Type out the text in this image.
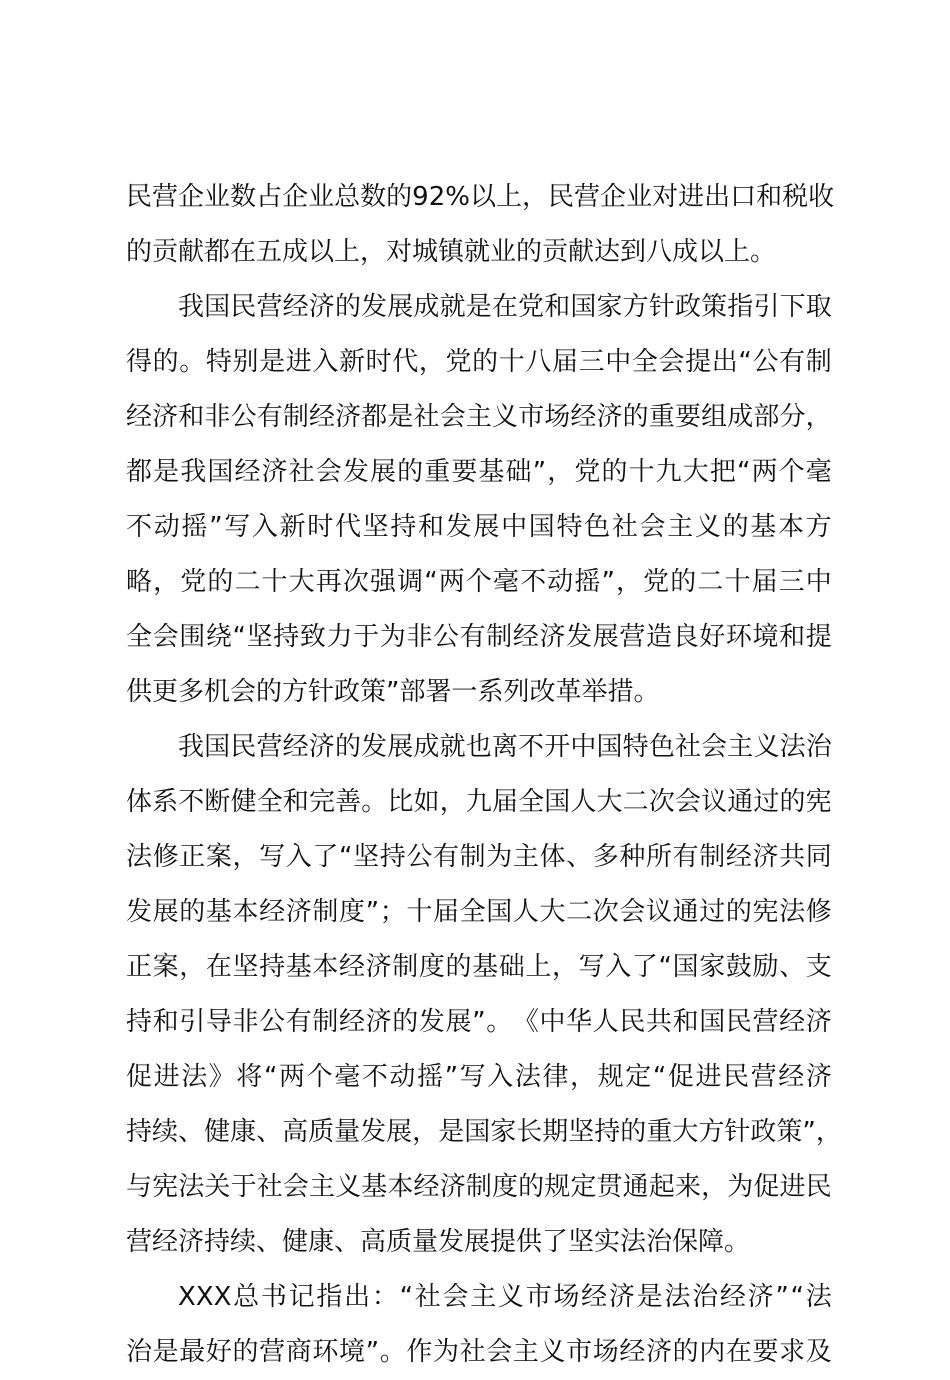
民 营 企 业 数 占 企 业 总 数 的 92% 以 上 ， 民 营 企 业 对 进 出 口 和 税 收
的贡献都在五成以上，对城镇就业的贡献达到八成以上。
我 国 民 营 经 济 的 发 展 成 就 是 在 党 和 国 家 方 针 政 策 指 引 下 取
得 的 。 特 别 是 进 入 新 时 代 ， 党 的 十 八 届 三 中 全 会 提 出 “ 公 有 制
经 济 和 非 公 有 制 经 济 都 是 社 会 主 义 市 场 经 济 的 重 要 组 成 部 分 ，
都 是 我 国 经 济 社 会 发 展 的 重 要 基 础 ” ， 党 的 十 九 大 把 “ 两 个 毫
不 动 摇 ” 写 入 新 时 代 坚 持 和 发 展 中 国 特 色 社 会 主 义 的 基 本 方
略 ， 党 的 二 十 大 再 次 强 调 “ 两 个 毫 不 动 摇 ” ， 党 的 二 十 届 三 中
全 会 围 绕 “ 坚 持 致 力 于 为 非 公 有 制 经 济 发 展 营 造 良 好 环 境 和 提
供更多机会的方针政策”部署一系列改革举措。
我 国 民 营 经 济 的 发 展 成 就 也 离 不 开 中 国 特 色 社 会 主 义 法 治
体 系 不 断 健 全 和 完 善 。 比 如 ， 九 届 全 国 人 大 二 次 会 议 通 过 的 宪
法 修 正 案 ， 写 入 了 “ 坚 持 公 有 制 为 主 体 、 多 种 所 有 制 经 济 共 同
发 展 的 基 本 经 济 制 度 ” ； 十 届 全 国 人 大 二 次 会 议 通 过 的 宪 法 修
正 案 ， 在 坚 持 基 本 经 济 制 度 的 基 础 上 ， 写 入 了 “ 国 家 鼓 励 、 支
持 和 引 导 非 公 有 制 经 济 的 发 展 ” 。 《 中 华 人 民 共 和 国 民 营 经 济
促 进 法 》 将 “ 两 个 毫 不 动 摇 ” 写 入 法 律 ， 规 定 “ 促 进 民 营 经 济
持 续 、 健 康 、 高 质 量 发 展 ， 是 国 家 长 期 坚 持 的 重 大 方 针 政 策 ” ，
与 宪 法 关 于 社 会 主 义 基 本 经 济 制 度 的 规 定 贯 通 起 来 ， 为 促 进 民
营经济持续、健康、高质量发展提供了坚实法治保障。
XXX 总 书 记 指 出 ： “ 社 会 主 义 市 场 经 济 是 法 治 经 济 ” “ 法
治 是 最 好 的 营 商 环 境 ” 。 作 为 社 会 主 义 市 场 经 济 的 内 在 要 求 及
